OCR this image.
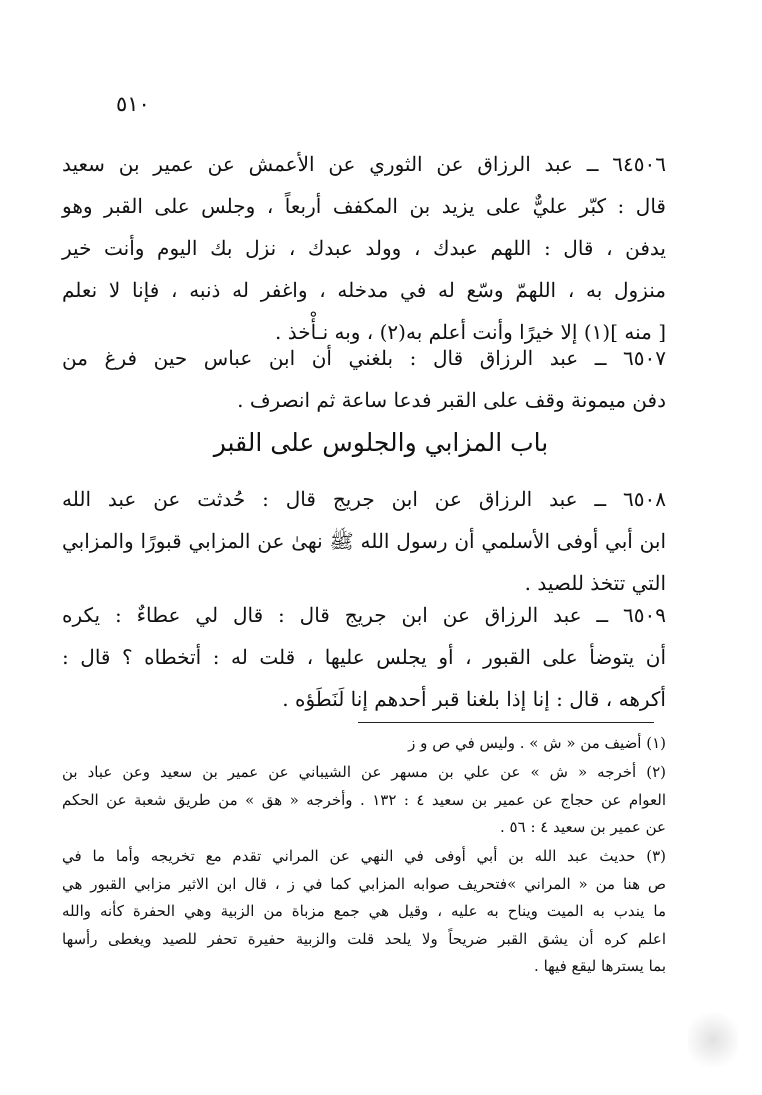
٥١٠
٦٤٥٠٦ ــ عبد الرزاق عن الثوري عن الأعمش عن عمير بن سعيد
قال : كبّر عليٌّ على يزيد بن المكفف أربعاً ، وجلس على القبر وهو
يدفن ، قال : اللهم عبدك ، وولد عبدك ، نزل بك اليوم وأنت خير
منزول به ، اللهمّ وسّع له في مدخله ، واغفر له ذنبه ، فإنا لا نعلم
[ منه ](١) إلا خيرًا وأنت أعلم به(٢) ، وبه نـأْخذ .
٦٥٠٧ ــ عبد الرزاق قال : بلغني أن ابن عباس حين فرغ من
دفن ميمونة وقف على القبر فدعا ساعة ثم انصرف .
باب المزابي والجلوس على القبر
٦٥٠٨ ــ عبد الرزاق عن ابن جريج قال : حُدثت عن عبد الله
ابن أبي أوفى الأسلمي أن رسول الله ﷺ نهىٰ عن المزابي قبورًا والمزابي
التي تتخذ للصيد .
٦٥٠٩ ــ عبد الرزاق عن ابن جريج قال : قال لي عطاءٌ : يكره
أن يتوضأ على القبور ، أو يجلس عليها ، قلت له : أتخطاه ؟ قال :
أكرهه ، قال : إنا إذا بلغنا قبر أحدهم إنا لَنَطَؤه .
(١) أضيف من « ش » . وليس في ص و ز
(٢) أخرجه « ش » عن علي بن مسهر عن الشيباني عن عمير بن سعيد وعن عباد بن
العوام عن حجاج عن عمير بن سعيد ٤ : ١٣٢ . وأخرجه « هق » من طريق شعبة عن الحكم
عن عمير بن سعيد ٤ : ٥٦ .
(٣) حديث عبد الله بن أبي أوفى في النهي عن المراني تقدم مع تخريجه وأما ما في
ص هنا من « المراني »فتحريف صوابه المزابي كما في ز ، قال ابن الاثير مزابي القبور هي
ما يندب به الميت ويناح به عليه ، وقيل هي جمع مزباة من الزبية وهي الحفرة كأنه والله
اعلم كره أن يشق القبر ضريحاً ولا يلحد قلت والزبية حفيرة تحفر للصيد ويغطى رأسها
بما يسترها ليقع فيها .
